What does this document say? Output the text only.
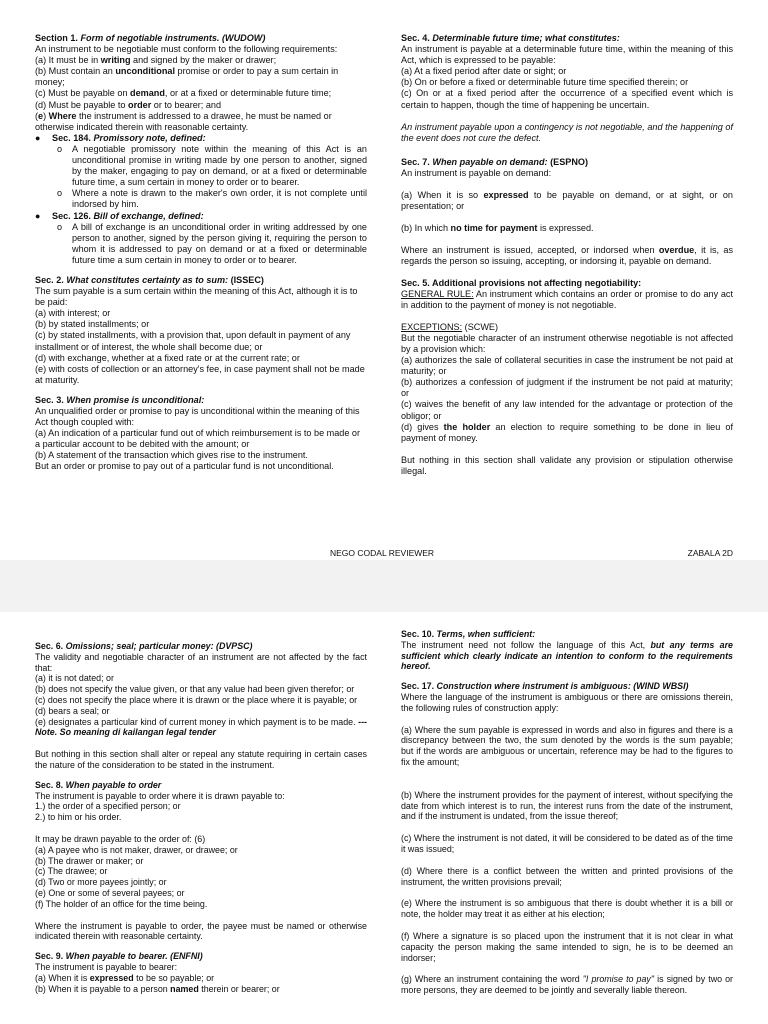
Section 1. Form of negotiable instruments. (WUDOW)

An instrument to be negotiable must conform to the following requirements:

(a) It must be in writing and signed by the maker or drawer;

(b) Must contain an unconditional promise or order to pay a sum certain in money;

(c) Must be payable on demand, or at a fixed or determinable future time;

(d) Must be payable to order or to bearer; and

(e) Where the instrument is addressed to a drawee, he must be named or otherwise indicated therein with reasonable certainty.

●	Sec. 184. Promissory note, defined:

o A negotiable promissory note within the meaning of this Act is an unconditional promise in writing made by one person to another, signed by the maker, engaging to pay on demand, or at a fixed or determinable future time, a sum certain in money to order or to bearer.
o Where a note is drawn to the maker's own order, it is not complete until indorsed by him.
●	Sec. 126. Bill of exchange, defined:

o A bill of exchange is an unconditional order in writing addressed by one person to another, signed by the person giving it, requiring the person to whom it is addressed to pay on demand or at a fixed or determinable future time a sum certain in money to order or to bearer.

Sec. 2. What constitutes certainty as to sum: (ISSEC)

The sum payable is a sum certain within the meaning of this Act, although it is to be paid:

(a) with interest; or

(b) by stated installments; or

(c) by stated installments, with a provision that, upon default in payment of any installment or of interest, the whole shall become due; or

(d) with exchange, whether at a fixed rate or at the current rate; or

(e) with costs of collection or an attorney's fee, in case payment shall not be made at maturity.

Sec. 3. When promise is unconditional:

An unqualified order or promise to pay is unconditional within the meaning of this Act though coupled with:

(a) An indication of a particular fund out of which reimbursement is to be made or a particular account to be debited with the amount; or

(b) A statement of the transaction which gives rise to the instrument.

But an order or promise to pay out of a particular fund is not unconditional.

Sec. 4. Determinable future time; what constitutes:

An instrument is payable at a determinable future time, within the meaning of this Act, which is expressed to be payable:

(a) At a fixed period after date or sight; or

(b) On or before a fixed or determinable future time specified therein; or

(c) On or at a fixed period after the occurrence of a specified event which is certain to happen, though the time of happening be uncertain.

An instrument payable upon a contingency is not negotiable, and the happening of the event does not cure the defect.

Sec. 7. When payable on demand: (ESPNO)

An instrument is payable on demand:

(a) When it is so expressed to be payable on demand, or at sight, or on presentation; or

(b) In which no time for payment is expressed.

Where an instrument is issued, accepted, or indorsed when overdue, it is, as regards the person so issuing, accepting, or indorsing it, payable on demand.

Sec. 5. Additional provisions not affecting negotiability:

GENERAL RULE: An instrument which contains an order or promise to do any act in addition to the payment of money is not negotiable.

EXCEPTIONS: (SCWE)

But the negotiable character of an instrument otherwise negotiable is not affected by a provision which:

(a) authorizes the sale of collateral securities in case the instrument be not paid at maturity; or

(b) authorizes a confession of judgment if the instrument be not paid at maturity; or

(c) waives the benefit of any law intended for the advantage or protection of the obligor; or

(d) gives the holder an election to require something to be done in lieu of payment of money.

But nothing in this section shall validate any provision or stipulation otherwise illegal.

NEGO CODAL REVIEWER	ZABALA 2D

Sec. 6. Omissions; seal; particular money: (DVPSC)

The validity and negotiable character of an instrument are not affected by the fact that:

(a) it is not dated; or

(b) does not specify the value given, or that any value had been given therefor; or

(c) does not specify the place where it is drawn or the place where it is payable; or

(d) bears a seal; or

(e) designates a particular kind of current money in which payment is to be made. --- Note. So meaning di kailangan legal tender

But nothing in this section shall alter or repeal any statute requiring in certain cases the nature of the consideration to be stated in the instrument.

Sec. 8. When payable to order

The instrument is payable to order where it is drawn payable to:

1.) the order of a specified person; or

2.) to him or his order.

It may be drawn payable to the order of: (6)

(a) A payee who is not maker, drawer, or drawee; or

(b) The drawer or maker; or

(c) The drawee; or

(d) Two or more payees jointly; or

(e) One or some of several payees; or

(f) The holder of an office for the time being.

Where the instrument is payable to order, the payee must be named or otherwise indicated therein with reasonable certainty.

Sec. 9. When payable to bearer. (ENFNI)

The instrument is payable to bearer:

(a) When it is expressed to be so payable; or

(b) When it is payable to a person named therein or bearer; or

Sec. 10. Terms, when sufficient:

The instrument need not follow the language of this Act, but any terms are sufficient which clearly indicate an intention to conform to the requirements hereof.

Sec. 17. Construction where instrument is ambiguous: (WIND WBSI)

Where the language of the instrument is ambiguous or there are omissions therein, the following rules of construction apply:

(a) Where the sum payable is expressed in words and also in figures and there is a discrepancy between the two, the sum denoted by the words is the sum payable; but if the words are ambiguous or uncertain, reference may be had to the figures to fix the amount;

(b) Where the instrument provides for the payment of interest, without specifying the date from which interest is to run, the interest runs from the date of the instrument, and if the instrument is undated, from the issue thereof;

(c) Where the instrument is not dated, it will be considered to be dated as of the time it was issued;

(d) Where there is a conflict between the written and printed provisions of the instrument, the written provisions prevail;

(e) Where the instrument is so ambiguous that there is doubt whether it is a bill or note, the holder may treat it as either at his election;

(f) Where a signature is so placed upon the instrument that it is not clear in what capacity the person making the same intended to sign, he is to be deemed an indorser;

(g) Where an instrument containing the word "I promise to pay" is signed by two or more persons, they are deemed to be jointly and severally liable thereon.
